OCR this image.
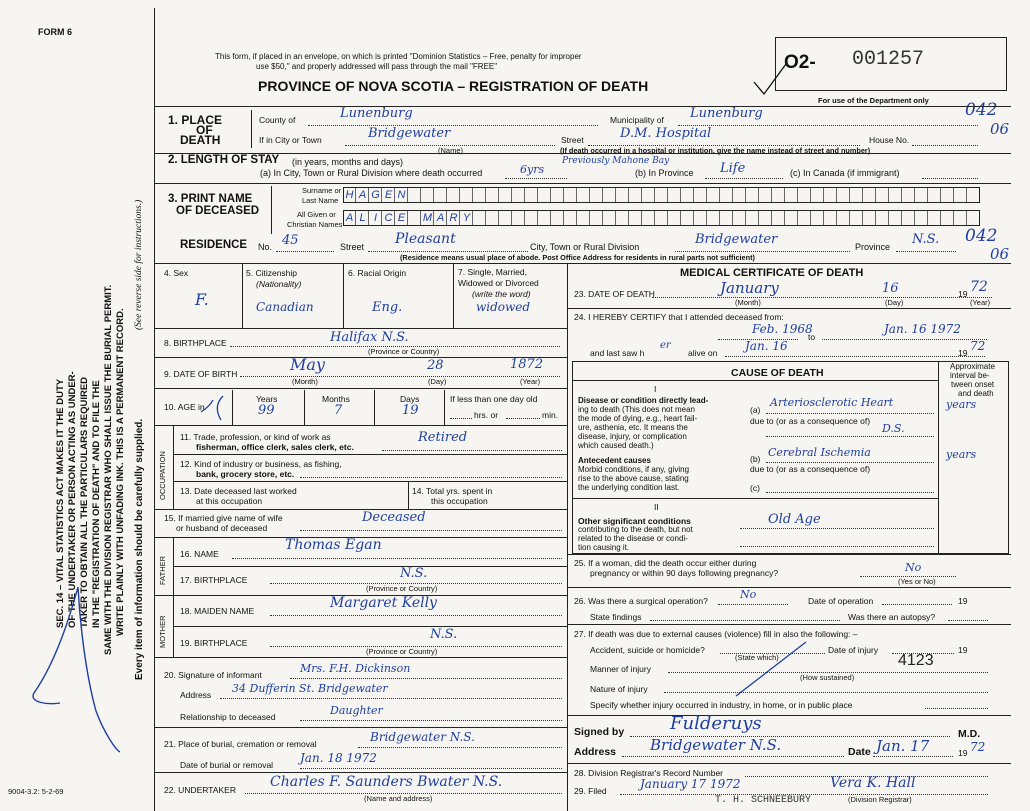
FORM 6
9004-3.2: 5-2-69
SEC. 14 – VITAL STATISTICS ACT MAKES IT THE DUTY OF THE UNDERTAKER OR PERSON ACTING AS UNDER- TAKER TO OBTAIN ALL THE PARTICULARS REQUIRED IN THE "REGISTRATION OF DEATH" AND TO FILE THE SAME WITH THE DIVISION REGISTRAR WHO SHALL ISSUE THE BURIAL PERMIT. WRITE PLAINLY WITH UNFADING INK. THIS IS A PERMANENT RECORD. Every item of information should be carefully supplied.
(See reverse side for instructions.)
This form, if placed in an envelope, on which is printed "Dominion Statistics – Free, penalty for improper
use $50," and properly addressed will pass through the mail "FREE"
PROVINCE OF NOVA SCOTIA – REGISTRATION OF DEATH
O2- 001257
For use of the Department only 042
06
042
06
1. PLACE
OF
DEATH
County of	Lunenburg	Municipality of Lunenburg
If in City or Town	Bridgewater
(Name)
Street	D.M. Hospital	House No.
(If death occurred in a hospital or institution, give the name instead of street and number)
2. LENGTH OF STAY (in years, months and days)
(a) In City, Town or Rural Division where death occurred	6yrs
Previously Mahone Bay
(b) In Province Life	(c) In Canada (if immigrant)
3. PRINT NAME
OF DECEASED
Surname or
Last Name
All Given or
Christian Names
H A G E N
A L I C E M A R Y
RESIDENCE No. 45	Street Pleasant	City, Town or Rural Division	Bridgewater	Province N.S.
(Residence means usual place of abode. Post Office Address for residents in rural parts not sufficient)
4. Sex
F.
5. Citizenship
(Nationality)
Canadian
6. Racial Origin
Eng.
7. Single, Married,
Widowed or Divorced
(write the word)
widowed
8. BIRTHPLACE	Halifax N.S.
(Province or Country)
9. DATE OF BIRTH	May	28	1872
(Month)	(Day)	(Year)
10. AGE in
Years	Months	Days
99	7	19
If less than one day old
hrs. or	min.
OCCUPATION
11. Trade, profession, or kind of work as
fisherman, office clerk, sales clerk, etc.
Retired
12. Kind of industry or business, as fishing,
bank, grocery store, etc.
13. Date deceased last worked
at this occupation
14. Total yrs. spent in
this occupation
15. If married give name of wife
or husband of deceased
Deceased
FATHER
16. NAME
Thomas Egan
17. BIRTHPLACE	N.S.
(Province or Country)
MOTHER
18. MAIDEN NAME	Margaret Kelly
19. BIRTHPLACE
N.S.
(Province or Country)
20. Signature of informant	Mrs. F.H. Dickinson
Address 34 Dufferin St. Bridgewater
Relationship to deceased	Daughter
21. Place of burial, cremation or removal	Bridgewater N.S.
Date of burial or removal Jan. 18 1972
22. UNDERTAKER Charles F. Saunders Bwater N.S.
(Name and address)
MEDICAL CERTIFICATE OF DEATH
23. DATE OF DEATH	January	16	19 72
(Month)	(Day)	(Year)
24. I HEREBY CERTIFY that I attended deceased from:
Feb. 1968
to
Jan. 16 1972
and last saw h
er
alive on Jan. 16	19 72
CAUSE OF DEATH
Approximate
interval be-
tween onset
and death
I
Disease or condition directly lead-
ing to death (This does not mean
the mode of dying, e.g., heart fail-
ure, asthenia, etc. It means the
disease, injury, or complication
which caused death.)
(a)
Arteriosclerotic Heart	years
due to (or as a consequence of)
D.S.
Antecedent causes
Morbid conditions, if any, giving
rise to the above cause, stating
the underlying condition last.
(b) Cerebral Ischemia	years
due to (or as a consequence of)
(c)
II
Other significant conditions
contributing to the death, but not
related to the disease or condi-
tion causing it.
Old Age
25. If a woman, did the death occur either during
pregnancy or within 90 days following pregnancy?	No
(Yes or No)
26. Was there a surgical operation?	No	Date of operation	19
State findings	Was there an autopsy?
27. If death was due to external causes (violence) fill in also the following: –
Accident, suicide or homicide?
(State which)
Date of injury	19
Manner of injury	4123
(How sustained)
Nature of injury
Specify whether injury occurred in industry, in home, or in public place
Signed by	Fulderuys	M.D.
Address Bridgewater N.S.	Date Jan. 17	19 72
28. Division Registrar's Record Number
29. Filed	January 17 1972	Vera K. Hall
(Division Registrar)
T. H. SCHNEEBURY
